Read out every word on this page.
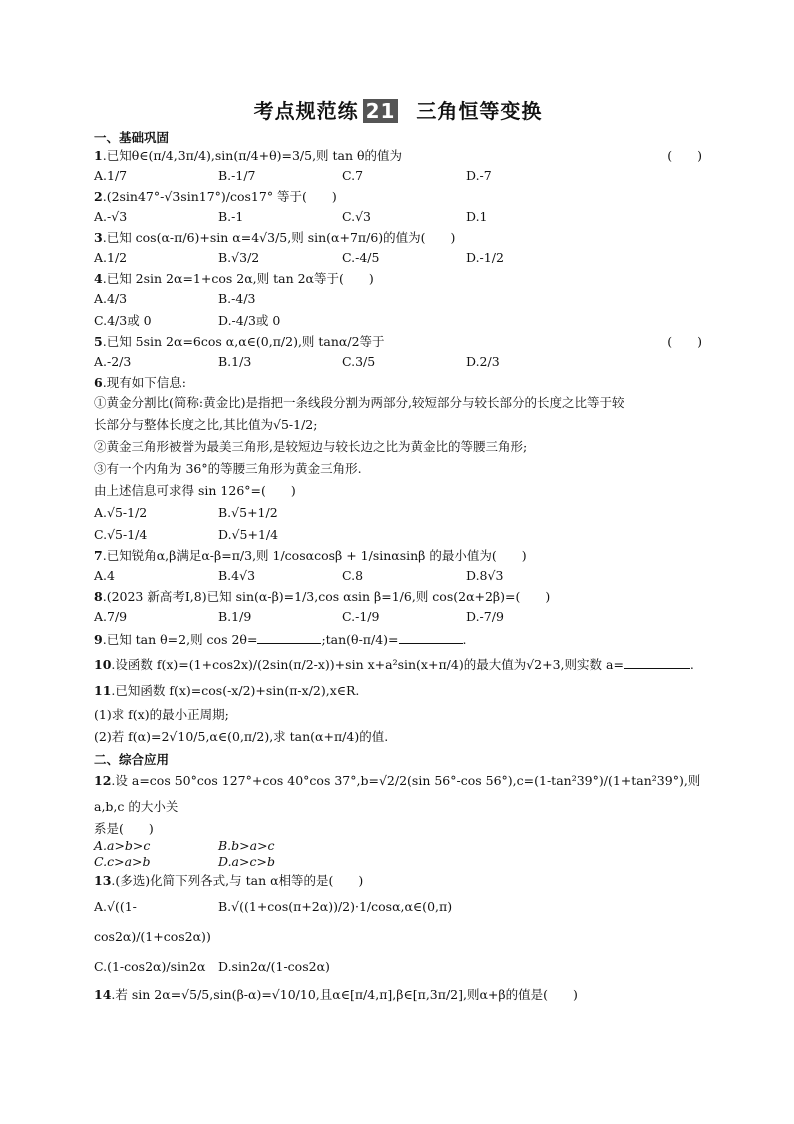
考点规范练 21 三角恒等变换
一、基础巩固
1.已知θ∈(π/4,3π/4),sin(π/4+θ)=3/5,则 tan θ的值为	(　　)
A.1/7	B.-1/7	C.7	D.-7
2.(2sin47°-√3sin17°)/cos17° 等于(　　)
A.-√3	B.-1	C.√3	D.1
3.已知 cos(α-π/6)+sin α=4√3/5,则 sin(α+7π/6)的值为(　　)
A.1/2	B.√3/2	C.-4/5	D.-1/2
4.已知 2sin 2α=1+cos 2α,则 tan 2α等于(　　)
A.4/3	B.-4/3
C.4/3或 0	D.-4/3或 0
5.已知 5sin 2α=6cos α,α∈(0,π/2),则 tanα/2等于	(　　)
A.-2/3	B.1/3	C.3/5	D.2/3
6.现有如下信息:
①黄金分割比(简称:黄金比)是指把一条线段分割为两部分,较短部分与较长部分的长度之比等于较
长部分与整体长度之比,其比值为√5-1/2;
②黄金三角形被誉为最美三角形,是较短边与较长边之比为黄金比的等腰三角形;
③有一个内角为 36°的等腰三角形为黄金三角形.
由上述信息可求得 sin 126°=(　　)
A.√5-1/2	B.√5+1/2
C.√5-1/4	D.√5+1/4
7.已知锐角α,β满足α-β=π/3,则 1/cosαcosβ + 1/sinαsinβ 的最小值为(　　)
A.4	B.4√3	C.8	D.8√3
8.(2023 新高考Ⅰ,8)已知 sin(α-β)=1/3,cos αsin β=1/6,则 cos(2α+2β)=(　　)
A.7/9	B.1/9	C.-1/9	D.-7/9
9.已知 tan θ=2,则 cos 2θ=	;tan(θ-π/4)=	.
10.设函数 f(x)=(1+cos2x)/(2sin(π/2-x))+sin x+a²sin(x+π/4)的最大值为√2+3,则实数 a=	.
11.已知函数 f(x)=cos(-x/2)+sin(π-x/2),x∈R.
(1)求 f(x)的最小正周期;
(2)若 f(α)=2√10/5,α∈(0,π/2),求 tan(α+π/4)的值.
二、综合应用
12.设 a=cos 50°cos 127°+cos 40°cos 37°,b=√2/2(sin 56°-cos 56°),c=(1-tan²39°)/(1+tan²39°),则 a,b,c 的大小关
系是(　　)
A.a>b>c	B.b>a>c
C.c>a>b	D.a>c>b
13.(多选)化简下列各式,与 tan α相等的是(　　)
A.√((1-cos2α)/(1+cos2α))
B.√((1+cos(π+2α))/2)·1/cosα,α∈(0,π)
C.(1-cos2α)/sin2α	D.sin2α/(1-cos2α)
14.若 sin 2α=√5/5,sin(β-α)=√10/10,且α∈[π/4,π],β∈[π,3π/2],则α+β的值是(　　)
